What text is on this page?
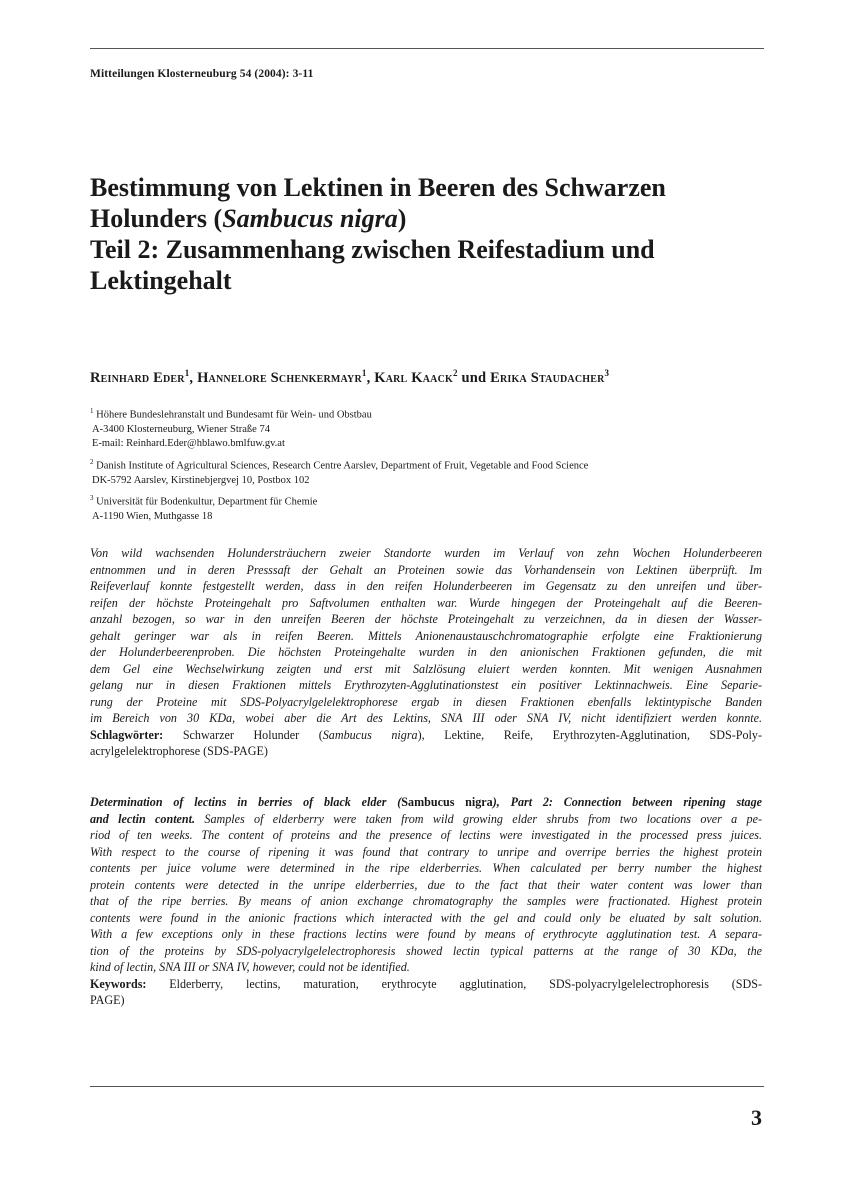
Mitteilungen Klosterneuburg 54 (2004): 3-11
Bestimmung von Lektinen in Beeren des Schwarzen
Holunders (Sambucus nigra)
Teil 2: Zusammenhang zwischen Reifestadium und
Lektingehalt
Reinhard Eder$^1$, Hannelore Schenkermayr$^1$, Karl Kaack$^2$ und Erika Staudacher$^3$
$^1$ Höhere Bundeslehranstalt und Bundesamt für Wein- und Obstbau
A-3400 Klosterneuburg, Wiener Straße 74
E-mail: Reinhard.Eder@hblawo.bmlfuw.gv.at
$^2$ Danish Institute of Agricultural Sciences, Research Centre Aarslev, Department of Fruit, Vegetable and Food Science
DK-5792 Aarslev, Kirstinebjergvej 10, Postbox 102
$^3$ Universität für Bodenkultur, Department für Chemie
A-1190 Wien, Muthgasse 18
Von wild wachsenden Holundersträuchern zweier Standorte wurden im Verlauf von zehn Wochen Holunderbeeren
entnommen und in deren Presssaft der Gehalt an Proteinen sowie das Vorhandensein von Lektinen überprüft. Im
Reifeverlauf konnte festgestellt werden, dass in den reifen Holunderbeeren im Gegensatz zu den unreifen und über-
reifen der höchste Proteingehalt pro Saftvolumen enthalten war. Wurde hingegen der Proteingehalt auf die Beeren-
anzahl bezogen, so war in den unreifen Beeren der höchste Proteingehalt zu verzeichnen, da in diesen der Wasser-
gehalt geringer war als in reifen Beeren. Mittels Anionenaustauschchromatographie erfolgte eine Fraktionierung
der Holunderbeerenproben. Die höchsten Proteingehalte wurden in den anionischen Fraktionen gefunden, die mit
dem Gel eine Wechselwirkung zeigten und erst mit Salzlösung eluiert werden konnten. Mit wenigen Ausnahmen
gelang nur in diesen Fraktionen mittels Erythrozyten-Agglutinationstest ein positiver Lektinnachweis. Eine Separie-
rung der Proteine mit SDS-Polyacrylgelelektrophorese ergab in diesen Fraktionen ebenfalls lektintypische Banden
im Bereich von 30 KDa, wobei aber die Art des Lektins, SNA III oder SNA IV, nicht identifiziert werden konnte.
Schlagwörter: Schwarzer Holunder (Sambucus nigra), Lektine, Reife, Erythrozyten-Agglutination, SDS-Poly-
acrylgelelektrophorese (SDS-PAGE)
Determination of lectins in berries of black elder (Sambucus nigra), Part 2: Connection between ripening stage
and lectin content. Samples of elderberry were taken from wild growing elder shrubs from two locations over a pe-
riod of ten weeks. The content of proteins and the presence of lectins were investigated in the processed press juices.
With respect to the course of ripening it was found that contrary to unripe and overripe berries the highest protein
contents per juice volume were determined in the ripe elderberries. When calculated per berry number the highest
protein contents were detected in the unripe elderberries, due to the fact that their water content was lower than
that of the ripe berries. By means of anion exchange chromatography the samples were fractionated. Highest protein
contents were found in the anionic fractions which interacted with the gel and could only be eluated by salt solution.
With a few exceptions only in these fractions lectins were found by means of erythrocyte agglutination test. A separa-
tion of the proteins by SDS-polyacrylgelelectrophoresis showed lectin typical patterns at the range of 30 KDa, the
kind of lectin, SNA III or SNA IV, however, could not be identified.
Keywords: Elderberry, lectins, maturation, erythrocyte agglutination, SDS-polyacrylgelelectrophoresis (SDS-
PAGE)
3
